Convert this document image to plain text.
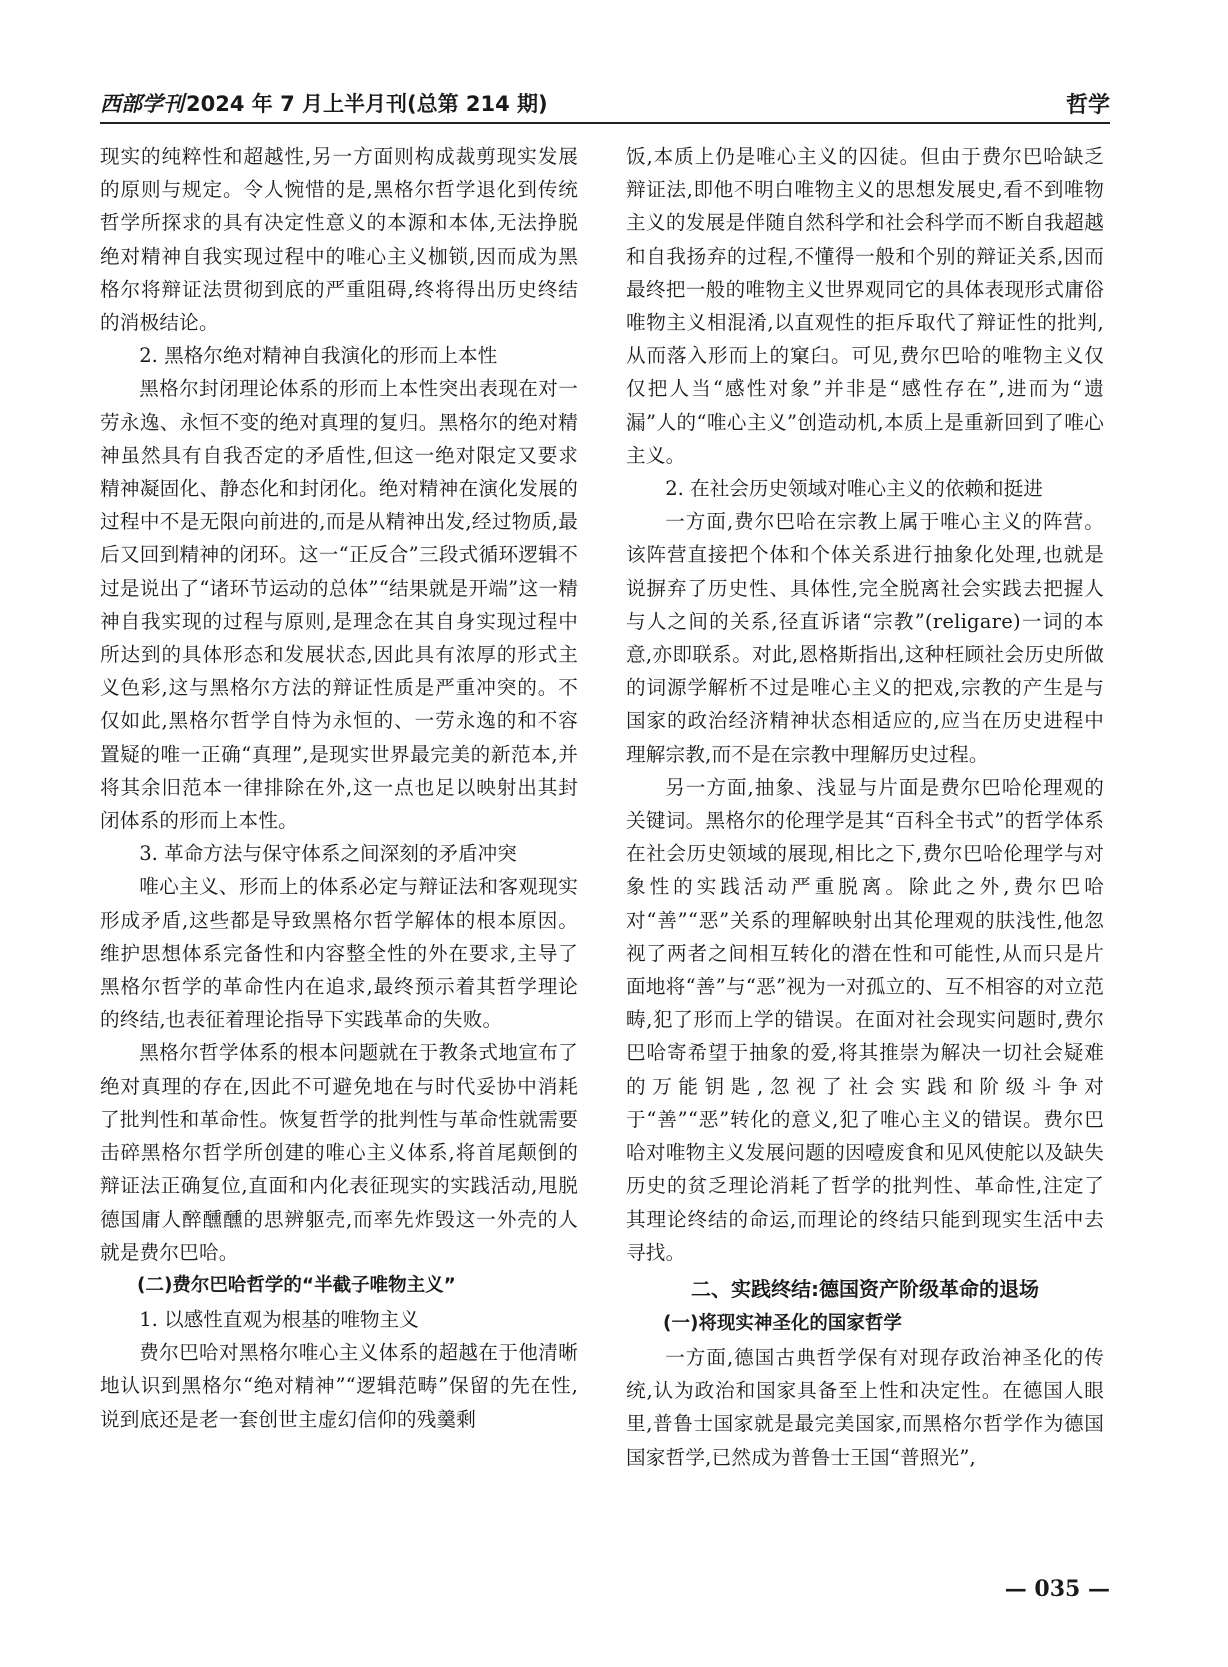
西部学刊2024 年 7 月上半月刊(总第 214 期)	哲学
现实的纯粹性和超越性,另一方面则构成裁剪现实发展的原则与规定。令人惋惜的是,黑格尔哲学退化到传统哲学所探求的具有决定性意义的本源和本体,无法挣脱绝对精神自我实现过程中的唯心主义枷锁,因而成为黑格尔将辩证法贯彻到底的严重阻碍,终将得出历史终结的消极结论。
2. 黑格尔绝对精神自我演化的形而上本性
黑格尔封闭理论体系的形而上本性突出表现在对一劳永逸、永恒不变的绝对真理的复归。黑格尔的绝对精神虽然具有自我否定的矛盾性,但这一绝对限定又要求精神凝固化、静态化和封闭化。绝对精神在演化发展的过程中不是无限向前进的,而是从精神出发,经过物质,最后又回到精神的闭环。这一“正反合”三段式循环逻辑不过是说出了“诸环节运动的总体”“结果就是开端”这一精神自我实现的过程与原则,是理念在其自身实现过程中所达到的具体形态和发展状态,因此具有浓厚的形式主义色彩,这与黑格尔方法的辩证性质是严重冲突的。不仅如此,黑格尔哲学自恃为永恒的、一劳永逸的和不容置疑的唯一正确“真理”,是现实世界最完美的新范本,并将其余旧范本一律排除在外,这一点也足以映射出其封闭体系的形而上本性。
3. 革命方法与保守体系之间深刻的矛盾冲突
唯心主义、形而上的体系必定与辩证法和客观现实形成矛盾,这些都是导致黑格尔哲学解体的根本原因。维护思想体系完备性和内容整全性的外在要求,主导了黑格尔哲学的革命性内在追求,最终预示着其哲学理论的终结,也表征着理论指导下实践革命的失败。
黑格尔哲学体系的根本问题就在于教条式地宣布了绝对真理的存在,因此不可避免地在与时代妥协中消耗了批判性和革命性。恢复哲学的批判性与革命性就需要击碎黑格尔哲学所创建的唯心主义体系,将首尾颠倒的辩证法正确复位,直面和内化表征现实的实践活动,甩脱德国庸人醉醺醺的思辨躯壳,而率先炸毁这一外壳的人就是费尔巴哈。
(二)费尔巴哈哲学的“半截子唯物主义”
1. 以感性直观为根基的唯物主义
费尔巴哈对黑格尔唯心主义体系的超越在于他清晰地认识到黑格尔“绝对精神”“逻辑范畴”保留的先在性,说到底还是老一套创世主虚幻信仰的残羹剩
饭,本质上仍是唯心主义的囚徒。但由于费尔巴哈缺乏辩证法,即他不明白唯物主义的思想发展史,看不到唯物主义的发展是伴随自然科学和社会科学而不断自我超越和自我扬弃的过程,不懂得一般和个别的辩证关系,因而最终把一般的唯物主义世界观同它的具体表现形式庸俗唯物主义相混淆,以直观性的拒斥取代了辩证性的批判,从而落入形而上的窠臼。可见,费尔巴哈的唯物主义仅仅把人当“感性对象”并非是“感性存在”,进而为“遗漏”人的“唯心主义”创造动机,本质上是重新回到了唯心主义。
2. 在社会历史领域对唯心主义的依赖和挺进
一方面,费尔巴哈在宗教上属于唯心主义的阵营。该阵营直接把个体和个体关系进行抽象化处理,也就是说摒弃了历史性、具体性,完全脱离社会实践去把握人与人之间的关系,径直诉诸“宗教”(religare)一词的本意,亦即联系。对此,恩格斯指出,这种枉顾社会历史所做的词源学解析不过是唯心主义的把戏,宗教的产生是与国家的政治经济精神状态相适应的,应当在历史进程中理解宗教,而不是在宗教中理解历史过程。
另一方面,抽象、浅显与片面是费尔巴哈伦理观的关键词。黑格尔的伦理学是其“百科全书式”的哲学体系在社会历史领域的展现,相比之下,费尔巴哈伦理学与对象性的实践活动严重脱离。除此之外,费尔巴哈对“善”“恶”关系的理解映射出其伦理观的肤浅性,他忽视了两者之间相互转化的潜在性和可能性,从而只是片面地将“善”与“恶”视为一对孤立的、互不相容的对立范畴,犯了形而上学的错误。在面对社会现实问题时,费尔巴哈寄希望于抽象的爱,将其推崇为解决一切社会疑难的万能钥匙,忽视了社会实践和阶级斗争对于“善”“恶”转化的意义,犯了唯心主义的错误。费尔巴哈对唯物主义发展问题的因噎废食和见风使舵以及缺失历史的贫乏理论消耗了哲学的批判性、革命性,注定了其理论终结的命运,而理论的终结只能到现实生活中去寻找。
二、实践终结:德国资产阶级革命的退场
(一)将现实神圣化的国家哲学
一方面,德国古典哲学保有对现存政治神圣化的传统,认为政治和国家具备至上性和决定性。在德国人眼里,普鲁士国家就是最完美国家,而黑格尔哲学作为德国国家哲学,已然成为普鲁士王国“普照光”,
— 035 —
